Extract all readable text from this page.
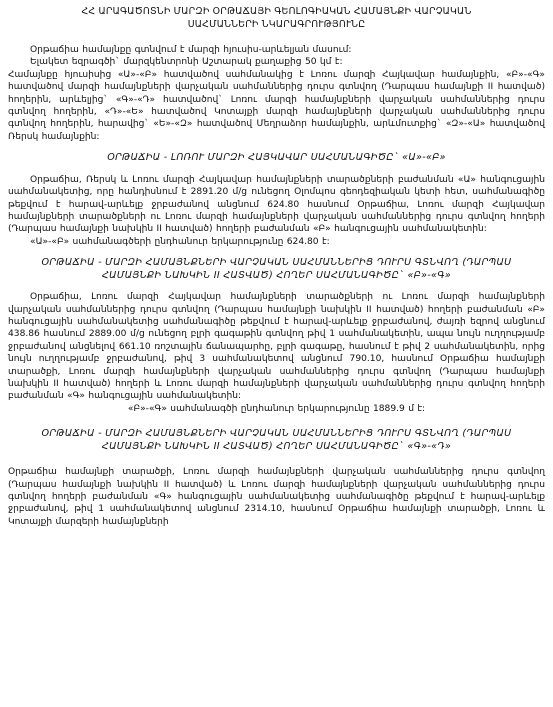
ՀՀ ԱՐԱԳԱԾՈՏՆԻ ՄԱՐԶԻ ՕՐԹԱՃԱՅԻ ԳԵՈԼՈԳԻԱԿԱՆ ՀԱՄԱՅՆՔԻ ՎԱՐՉԱԿԱՆ
ՍԱՀՄԱՆՆԵՐԻ ՆԿԱՐԱԳՐՈՒԹՅՈՒՆԸ

Օրթաճիա համայնքը գտնվում է մարզի հյուսիս-արևելյան մասում:

Ելակետ եզրագծի` մարզկենտրոնի Աշտարակ քաղաքից 50 կմ է:

Համայնքը հյուսիսից «Ա»-«Բ» հատվածով սահմանակից է Լոռու մարզի Հայկավար համայնքին, «Բ»-«Գ» հատվածով մարզի համայնքների վարչական սահմաններից դուրս գտնվող (Դարպաս համայնքի II հատված) հողերին, արևելյից` «Գ»-«Դ» հատվածով` Լոռու մարզի համայնքների վարչական սահմաններից դուրս գտնվող հողերին, «Դ»-«Ե» հատվածով Կոտայքի մարզի համայնքների վարչական սահմաններից դուրս գտնվող հողերին, հարավից` «Ե»-«Զ» հատվածով Մեղրաձոր համայնքին, արևմուտքից` «Զ»-«Ա» հատվածով Ռերսկ համայնքին:

ՕՐԹԱՃԻԱ - ԼՈՌՈՒ ՄԱՐԶԻ ՀԱՅԿԱՎԱՐ ՍԱՀՄԱՆԱԳԻԾԸ` «Ա»-«Բ»

Օրթաճիա, Ռերսկ և Լոռու մարզի Հայկավար համայնքների տարածքների բաժանման «Ա» հանգուցային սահմանակետից, որը հանդիսնում է 2891.20 մ/ց ունեցող Օլոմպոս գեոդեզիական կետի հետ, սահմանագիծը թեքվում է հարավ-արևելք ջրբաժանով անցնում 624.80 հասնում Օրթաճիա, Լոռու մարզի Հայկավար համայնքների տարածքների ու Լոռու մարզի համայնքների վարչական սահմաններից դուրս գտնվող հողերի (Դարպաս համայնքի նախկին II հատված) հողերի բաժանման «Բ» հանգուցային սահմանակետին:

«Ա»-«Բ» սահմանագծերի ընդհանուր երկարությունը 624.80 է:

ՕՐԹԱՃԻԱ - ՄԱՐԶԻ ՀԱՄԱՅՆՔՆԵՐԻ ՎԱՐՉԱԿԱՆ ՍԱՀՄԱՆՆԵՐԻՑ ԴՈՒՐՍ ԳՏՆՎՈՂ (ԴԱՐՊԱՍ
ՀԱՄԱՅՆՔԻ ՆԱԽԿԻՆ II ՀԱՏՎԱԾ) ՀՈՂԵՐ ՍԱՀՄԱՆԱԳԻԾԸ` «Բ»-«Գ»

Օրթաճիա, Լոռու մարզի Հայկավար համայնքների տարածքների ու Լոռու մարզի համայնքների վարչական սահմաններից դուրս գտնվող (Դարպաս համայնքի նախկին II հատված) հողերի բաժանման «Բ» հանգուցային սահմանակետից սահմանագիծը թեքվում է հարավ-արևելք ջրբաժանով, ժայռի եզրով անցնում 438.86 հասնում 2889.00 մ/ց ունեցող բլրի գագաթին գտնվող թիվ 1 սահմանակետին, ապա նույն ուղղությամբ ջրբաժանով անցնելով 661.10 ռոշտային ճանապարհը, բլրի գագաթը, հասնում է թիվ 2 սահմանակետին, որից նույն ուղղությամբ ջրբաժանով, թիվ 3 սահմանակետով անցնում 790.10, հասնում Օրթաճիա համայնքի տարածքի, Լոռու մարզի համայնքների վարչական սահմաններից դուրս գտնվող (Դարպաս համայնքի նախկին II հատված) հողերի և Լոռու մարզի համայնքների վարչական սահմաններից դուրս գտնվող հողերի բաժանման «Գ» հանգուցային սահմանակետին:

«Բ»-«Գ» սահմանագծի ընդհանուր երկարությունը 1889.9 մ է:

ՕՐԹԱՃԻԱ - ՄԱՐԶԻ ՀԱՄԱՅՆՔՆԵՐԻ ՎԱՐՉԱԿԱՆ ՍԱՀՄԱՆՆԵՐԻՑ ԴՈՒՐՍ ԳՏՆՎՈՂ (ԴԱՐՊԱՍ
ՀԱՄԱՅՆՔԻ ՆԱԽԿԻՆ II ՀԱՏՎԱԾ) ՀՈՂԵՐ ՍԱՀՄԱՆԱԳԻԾԸ` «Գ»-«Դ»

Օրթաճիա համայնքի տարածքի, Լոռու մարզի համայնքների վարչական սահմաններից դուրս գտնվող (Դարպաս համայնքի նախկին II հատված) և Լոռու մարզի համայնքների վարչական սահմաններից դուրս գտնվող հողերի բաժանման «Գ» հանգուցային սահմանակետից սահմանագիծը թեքվում է հարավ-արևելք ջրբաժանով, թիվ 1 սահմանակետով անցնում 2314.10, հասնում Օրթաճիա համայնքի տարածքի, Լոռու և Կոտայքի մարզերի համայնքների
